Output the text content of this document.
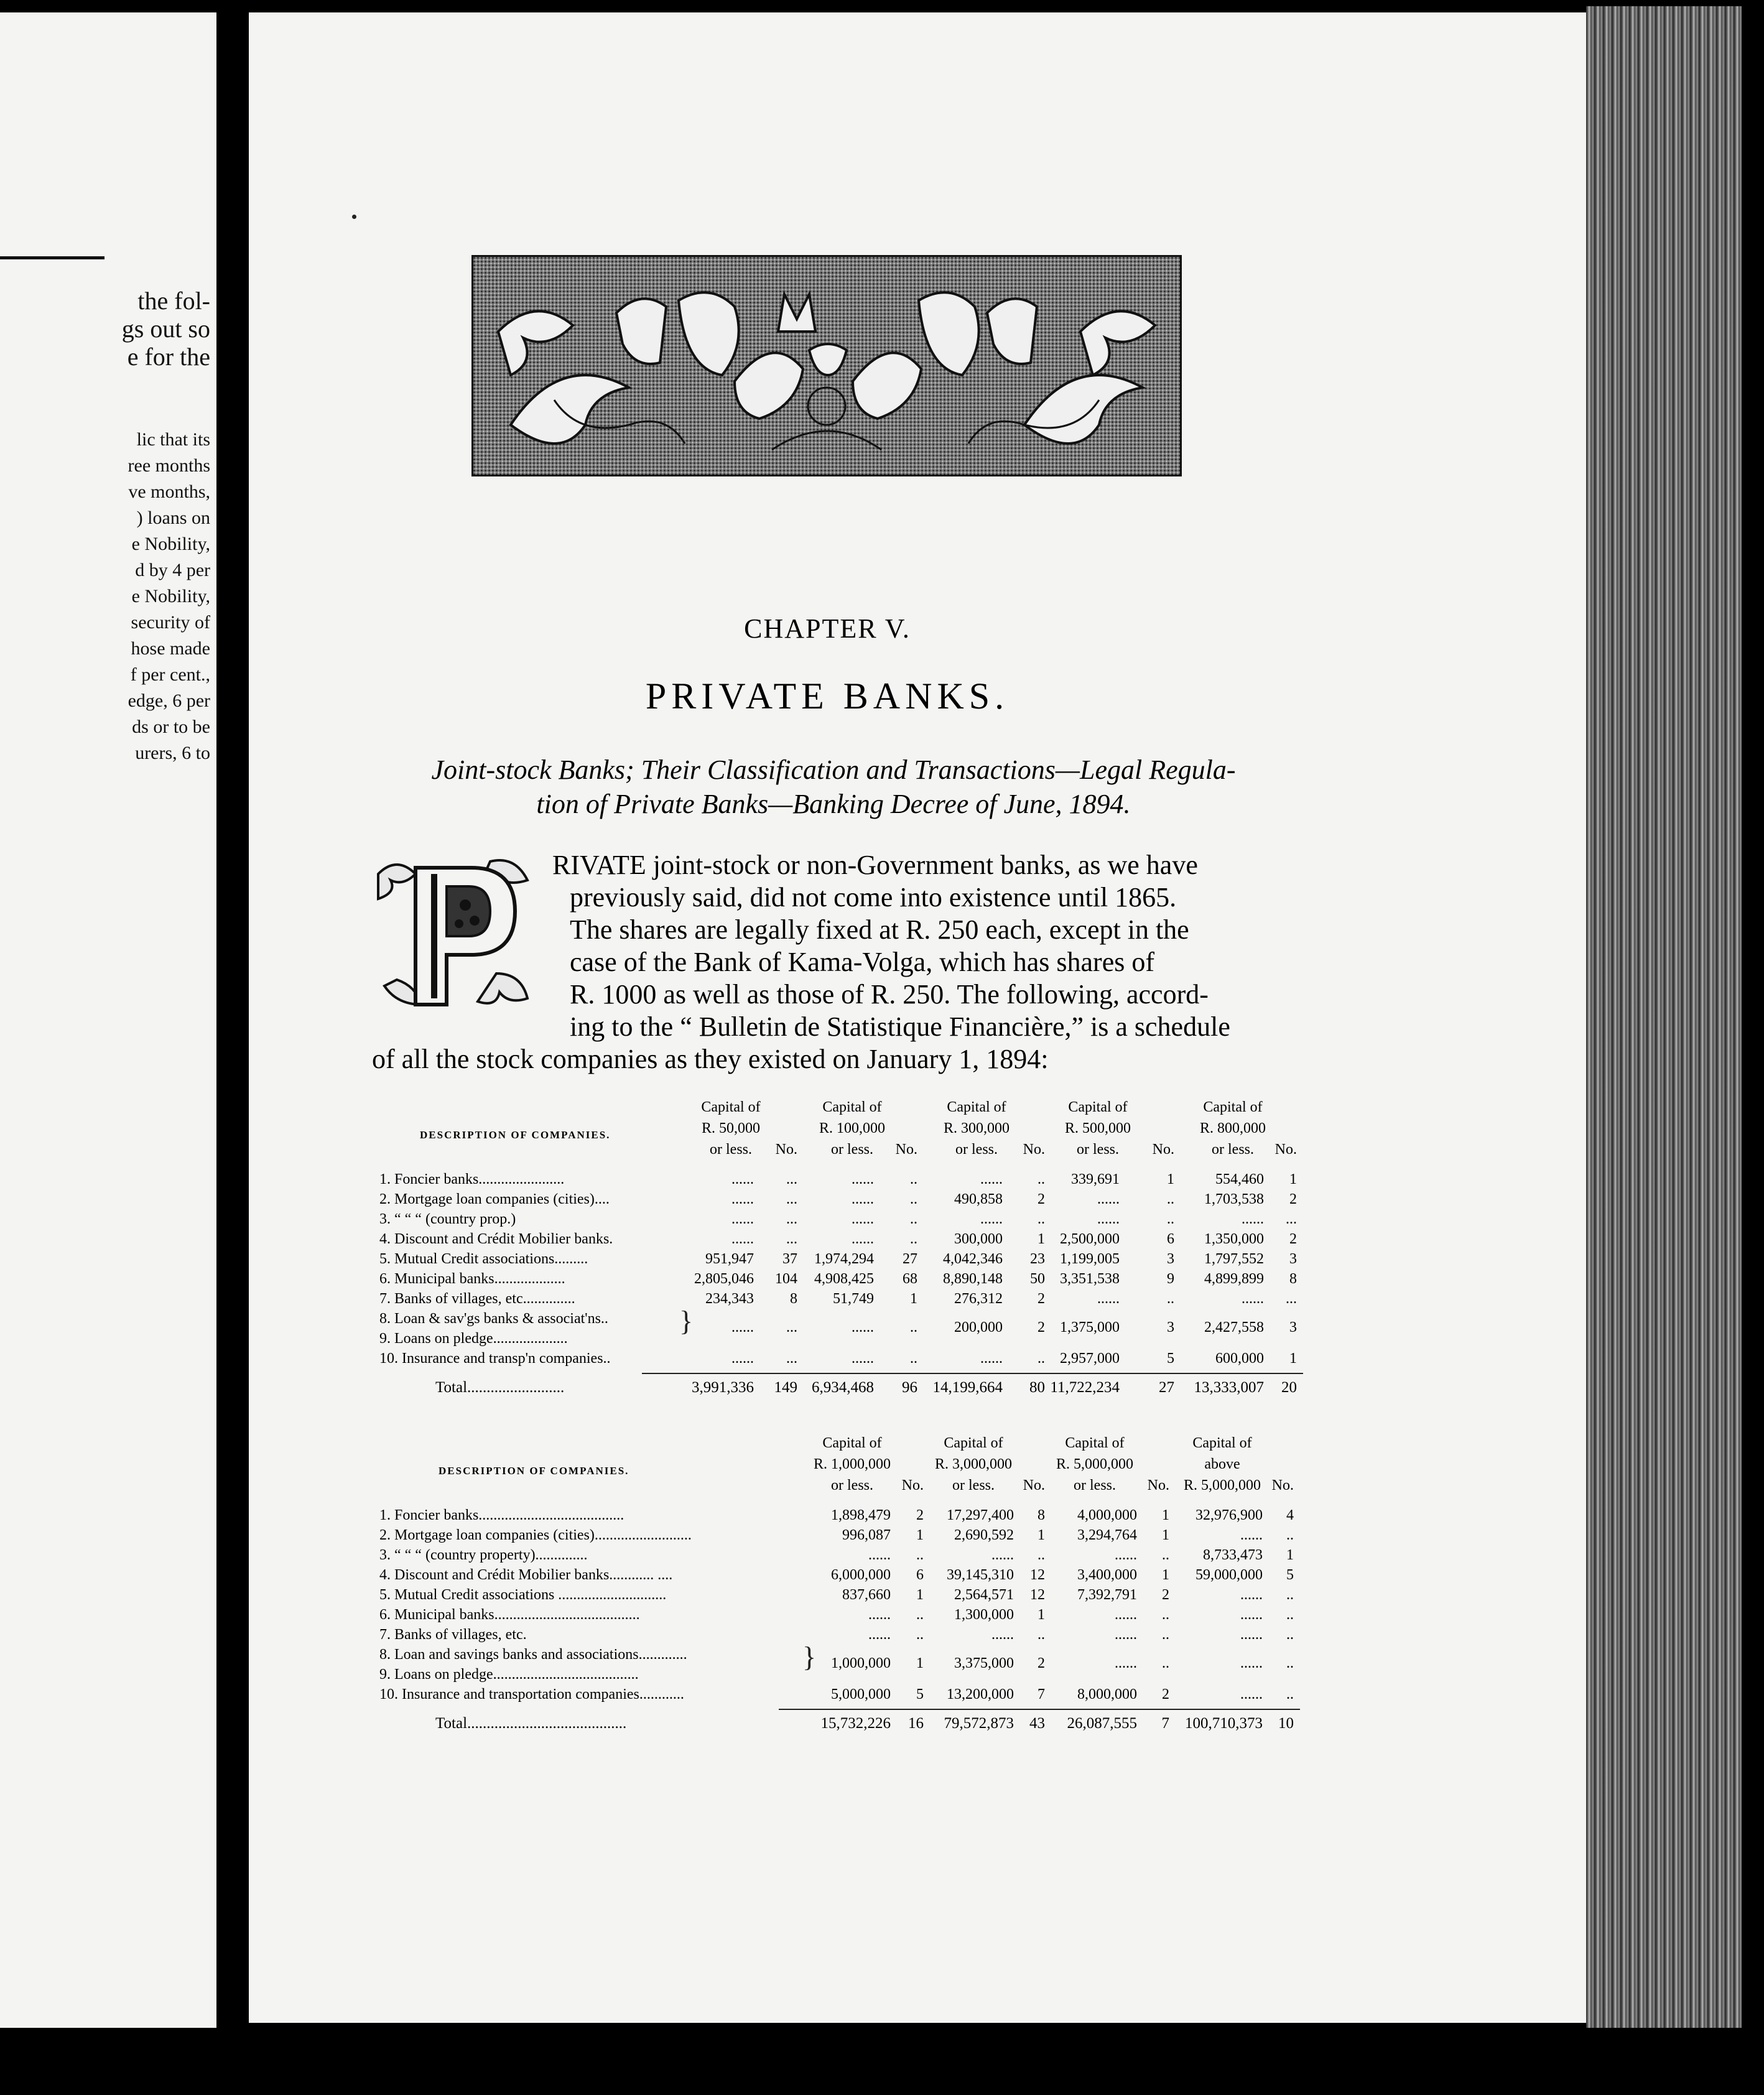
the fol-
gs out so
e for the
lic that its
ree months
ve months,
) loans on
e Nobility,
d by 4 per
e Nobility,
security of
hose made
f per cent.,
edge, 6 per
ds or to be
urers, 6 to
CHAPTER V.
PRIVATE BANKS.
Joint-stock Banks; Their Classification and Transactions—Legal Regula-
tion of Private Banks—Banking Decree of June, 1894.
RIVATE joint-stock or non-Government banks, as we have
previously said, did not come into existence until 1865.
The shares are legally fixed at R. 250 each, except in the
case of the Bank of Kama-Volga, which has shares of
R. 1000 as well as those of R. 250. The following, accord-
ing to the “ Bulletin de Statistique Financière,” is a schedule
of all the stock companies as they existed on January 1, 1894:
DESCRIPTION OF COMPANIES.
Capital of
R. 50,000
or less.	No.
Capital of
R. 100,000
or less.	No.
Capital of
R. 300,000
or less.	No.
Capital of
R. 500,000
or less.	No.
Capital of
R. 800,000
or less.	No.
1. Foncier banks.......................	......	...	......	..	......	..	339,691	1	554,460	1
2. Mortgage loan companies (cities)....	......	...	......	..	490,858	2	......	..	1,703,538	2
3. “ “ “ (country prop.)	......	...	......	..	......	..	......	..	......	...
4. Discount and Crédit Mobilier banks.	......	...	......	..	300,000	1	2,500,000	6	1,350,000	2
5. Mutual Credit associations.........	951,947	37	1,974,294	27	4,042,346	23	1,199,005	3	1,797,552	3
6. Municipal banks...................	2,805,046	104	4,908,425	68	8,890,148	50	3,351,538	9	4,899,899	8
7. Banks of villages, etc..............	234,343	8	51,749	1	276,312	2	......	..	......	...
8. Loan & sav'gs banks & associat'ns..
9. Loans on pledge....................
......	...	......	..	200,000	2	1,375,000	3	2,427,558	3
10. Insurance and transp'n companies..	......	...	......	..	......	..	2,957,000	5	600,000	1
}
Total.........................	3,991,336	149 6,934,468	96 14,199,664	80 11,722,234	27	13,333,007	20
DESCRIPTION OF COMPANIES.
Capital of
R. 1,000,000
or less.	No.
Capital of
R. 3,000,000
or less.	No.
Capital of
R. 5,000,000
or less.	No.
Capital of
above
R. 5,000,000 No.
1. Foncier banks.......................................	1,898,479	2	17,297,400	8	4,000,000	1	32,976,900	4
2. Mortgage loan companies (cities)..........................	996,087	1	2,690,592	1	3,294,764	1	......	..
3. “ “ “ (country property)..............	......	..	......	..	......	..	8,733,473	1
4. Discount and Crédit Mobilier banks............ ....	6,000,000	6	39,145,310	12	3,400,000	1	59,000,000	5
5. Mutual Credit associations .............................	837,660	1	2,564,571	12	7,392,791	2	......	..
6. Municipal banks.......................................	......	..	1,300,000	1	......	..	......	..
7. Banks of villages, etc.	......	..	......	..	......	..	......	..
8. Loan and savings banks and associations.............
9. Loans on pledge.......................................
1,000,000	1	3,375,000	2	......	..	......	..
10. Insurance and transportation companies............	5,000,000	5	13,200,000	7	8,000,000	2	......	..
}
Total.........................................	15,732,226	16	79,572,873	43	26,087,555	7	100,710,373	10
